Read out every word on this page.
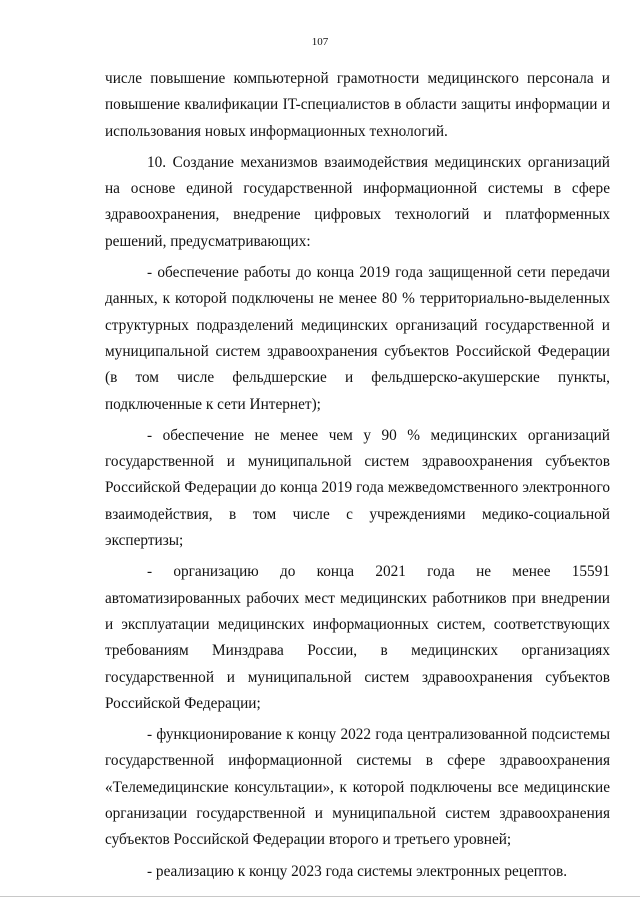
107

числе повышение компьютерной грамотности медицинского персонала и повышение квалификации IT-специалистов в области защиты информации и использования новых информационных технологий.

10. Создание механизмов взаимодействия медицинских организаций на основе единой государственной информационной системы в сфере здравоохранения, внедрение цифровых технологий и платформенных решений, предусматривающих:

- обеспечение работы до конца 2019 года защищенной сети передачи данных, к которой подключены не менее 80 % территориально-выделенных структурных подразделений медицинских организаций государственной и муниципальной систем здравоохранения субъектов Российской Федерации (в том числе фельдшерские и фельдшерско-акушерские пункты, подключенные к сети Интернет);

- обеспечение не менее чем у 90 % медицинских организаций государственной и муниципальной систем здравоохранения субъектов Российской Федерации до конца 2019 года межведомственного электронного взаимодействия, в том числе с учреждениями медико-социальной экспертизы;

- организацию до конца 2021 года не менее 15591 автоматизированных рабочих мест медицинских работников при внедрении и эксплуатации медицинских информационных систем, соответствующих требованиям Минздрава России, в медицинских организациях государственной и муниципальной систем здравоохранения субъектов Российской Федерации;

- функционирование к концу 2022 года централизованной подсистемы государственной информационной системы в сфере здравоохранения «Телемедицинские консультации», к которой подключены все медицинские организации государственной и муниципальной систем здравоохранения субъектов Российской Федерации второго и третьего уровней;

- реализацию к концу 2023 года системы электронных рецептов.
